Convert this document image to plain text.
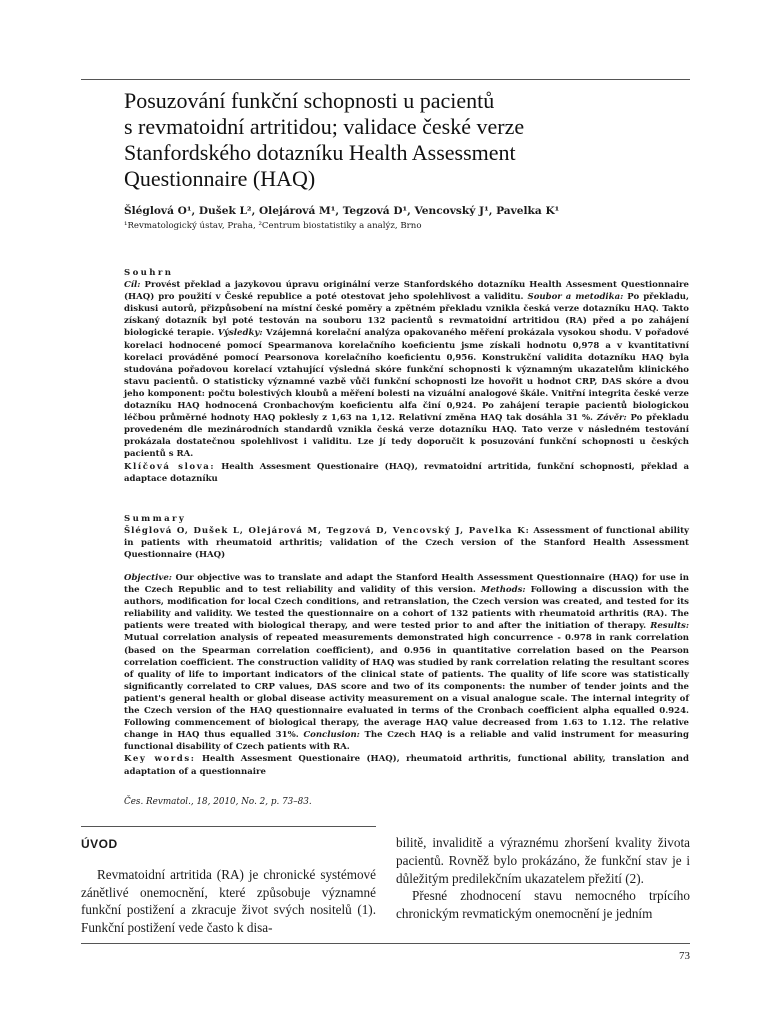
Posuzování funkční schopnosti u pacientů
s revmatoidní artritidou; validace české verze
Stanfordského dotazníku Health Assessment
Questionnaire (HAQ)
Šléglová O¹, Dušek L², Olejárová M¹, Tegzová D¹, Vencovský J¹, Pavelka K¹
¹Revmatologický ústav, Praha, ²Centrum biostatistiky a analýz, Brno
Souhrn
Cíl: Provést překlad a jazykovou úpravu originální verze Stanfordského dotazníku Health Assesment Questionnaire (HAQ) pro použití v České republice a poté otestovat jeho spolehlivost a validitu. Soubor a metodika: Po překladu, diskusi autorů, přizpůsobení na místní české poměry a zpětném překladu vznikla česká verze dotazníku HAQ. Takto získaný dotazník byl poté testován na souboru 132 pacientů s revmatoidní artritidou (RA) před a po zahájení biologické terapie. Výsledky: Vzájemná korelační analýza opakovaného měření prokázala vysokou shodu. V pořadové korelaci hodnocené pomocí Spearmanova korelačního koeficientu jsme získali hodnotu 0,978 a v kvantitativní korelaci prováděné pomocí Pearsonova korelačního koeficientu 0,956. Konstrukční validita dotazníku HAQ byla studována pořadovou korelací vztahující výsledná skóre funkční schopnosti k významným ukazatelům klinického stavu pacientů. O statisticky významné vazbě vůči funkční schopnosti lze hovořit u hodnot CRP, DAS skóre a dvou jeho komponent: počtu bolestivých kloubů a měření bolesti na vizuální analogové škále. Vnitřní integrita české verze dotazníku HAQ hodnocená Cronbachovým koeficientu alfa činí 0,924. Po zahájení terapie pacientů biologickou léčbou průměrné hodnoty HAQ poklesly z 1,63 na 1,12. Relativní změna HAQ tak dosáhla 31 %. Závěr: Po překladu provedeném dle mezinárodních standardů vznikla česká verze dotazníku HAQ. Tato verze v následném testování prokázala dostatečnou spolehlivost i validitu. Lze jí tedy doporučit k posuzování funkční schopnosti u českých pacientů s RA.
Klíčová slova: Health Assesment Questionaire (HAQ), revmatoidní artritida, funkční schopnosti, překlad a adaptace dotazníku
Summary
Šléglová O, Dušek L, Olejárová M, Tegzová D, Vencovský J, Pavelka K: Assessment of functional ability in patients with rheumatoid arthritis; validation of the Czech version of the Stanford Health Assessment Questionnaire (HAQ)
Objective: Our objective was to translate and adapt the Stanford Health Assessment Questionnaire (HAQ) for use in the Czech Republic and to test reliability and validity of this version. Methods: Following a discussion with the authors, modification for local Czech conditions, and retranslation, the Czech version was created, and tested for its reliability and validity. We tested the questionnaire on a cohort of 132 patients with rheumatoid arthritis (RA). The patients were treated with biological therapy, and were tested prior to and after the initiation of therapy. Results: Mutual correlation analysis of repeated measurements demonstrated high concurrence - 0.978 in rank correlation (based on the Spearman correlation coefficient), and 0.956 in quantitative correlation based on the Pearson correlation coefficient. The construction validity of HAQ was studied by rank correlation relating the resultant scores of quality of life to important indicators of the clinical state of patients. The quality of life score was statistically significantly correlated to CRP values, DAS score and two of its components: the number of tender joints and the patient's general health or global disease activity measurement on a visual analogue scale. The internal integrity of the Czech version of the HAQ questionnaire evaluated in terms of the Cronbach coefficient alpha equalled 0.924. Following commencement of biological therapy, the average HAQ value decreased from 1.63 to 1.12. The relative change in HAQ thus equalled 31%. Conclusion: The Czech HAQ is a reliable and valid instrument for measuring functional disability of Czech patients with RA.
Key words: Health Assesment Questionaire (HAQ), rheumatoid arthritis, functional ability, translation and adaptation of a questionnaire
Čes. Revmatol., 18, 2010, No. 2, p. 73–83.
ÚVOD
Revmatoidní artritida (RA) je chronické systémové zánětlivé onemocnění, které způsobuje významné funkční postižení a zkracuje život svých nositelů (1). Funkční postižení vede často k disa-
bilitě, invaliditě a výraznému zhoršení kvality života pacientů. Rovněž bylo prokázáno, že funkční stav je i důležitým predilekčním ukazatelem přežití (2).
Přesné zhodnocení stavu nemocného trpícího chronickým revmatickým onemocnění je jedním
73
